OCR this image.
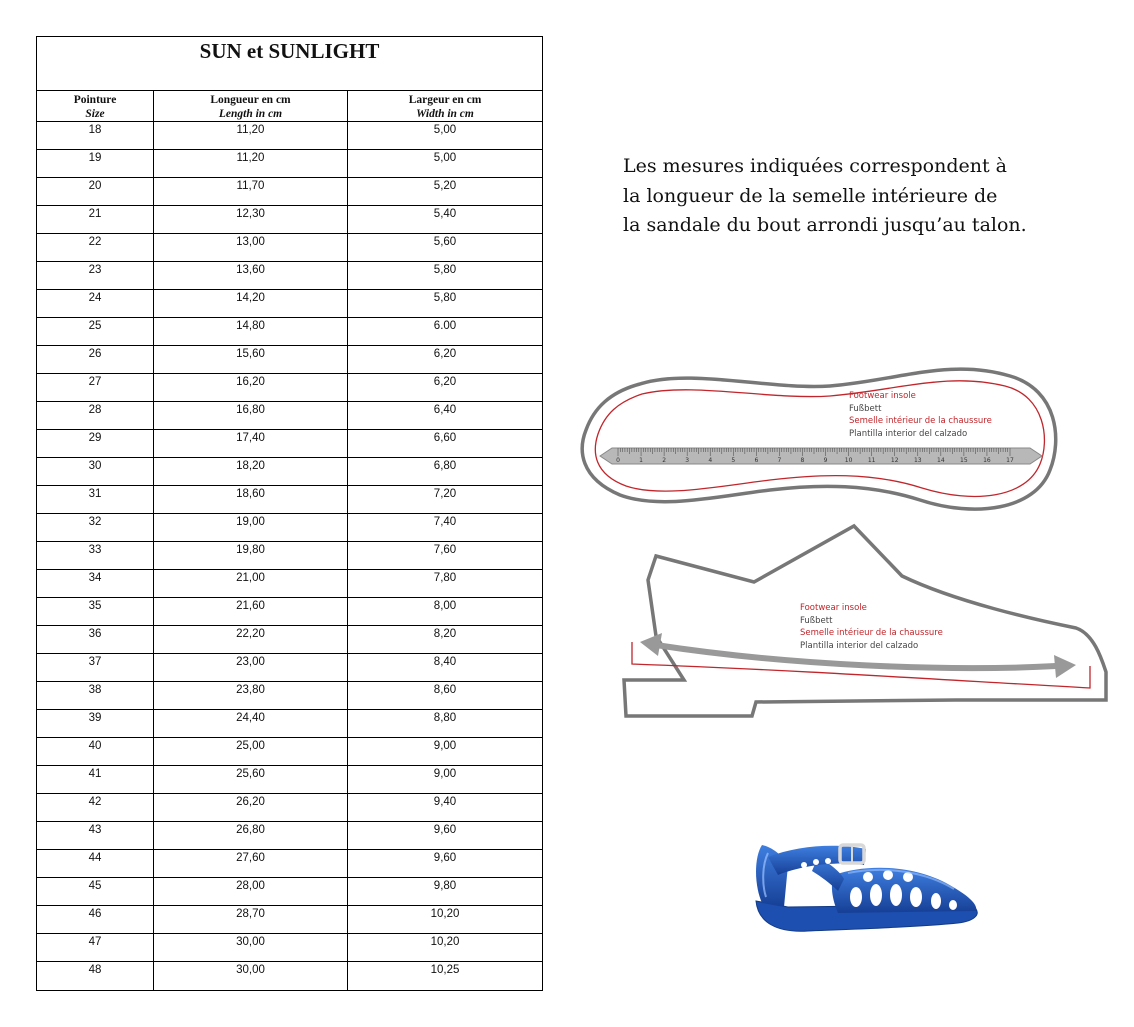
SUN et SUNLIGHT
Pointure
Size
Longueur en cm
Length in cm
Largeur en cm
Width in cm
18	11,20	5,00
19	11,20	5,00
20	11,70	5,20
21	12,30	5,40
22	13,00	5,60
23	13,60	5,80
24	14,20	5,80
25	14,80	6.00
26	15,60	6,20
27	16,20	6,20
28	16,80	6,40
29	17,40	6,60
30	18,20	6,80
31	18,60	7,20
32	19,00	7,40
33	19,80	7,60
34	21,00	7,80
35	21,60	8,00
36	22,20	8,20
37	23,00	8,40
38	23,80	8,60
39	24,40	8,80
40	25,00	9,00
41	25,60	9,00
42	26,20	9,40
43	26,80	9,60
44	27,60	9,60
45	28,00	9,80
46	28,70	10,20
47	30,00	10,20
48	30,00	10,25
Les mesures indiquées correspondent à
la longueur de la semelle intérieure de
la sandale du bout arrondi jusqu’au talon.
0	1	2	3	4	5	6	7	8	9	10	11	12	13	14	15	16	17
Footwear insole
Fußbett
Semelle intérieur de la chaussure
Plantilla interior del calzado
Footwear insole
Fußbett
Semelle intérieur de la chaussure
Plantilla interior del calzado
